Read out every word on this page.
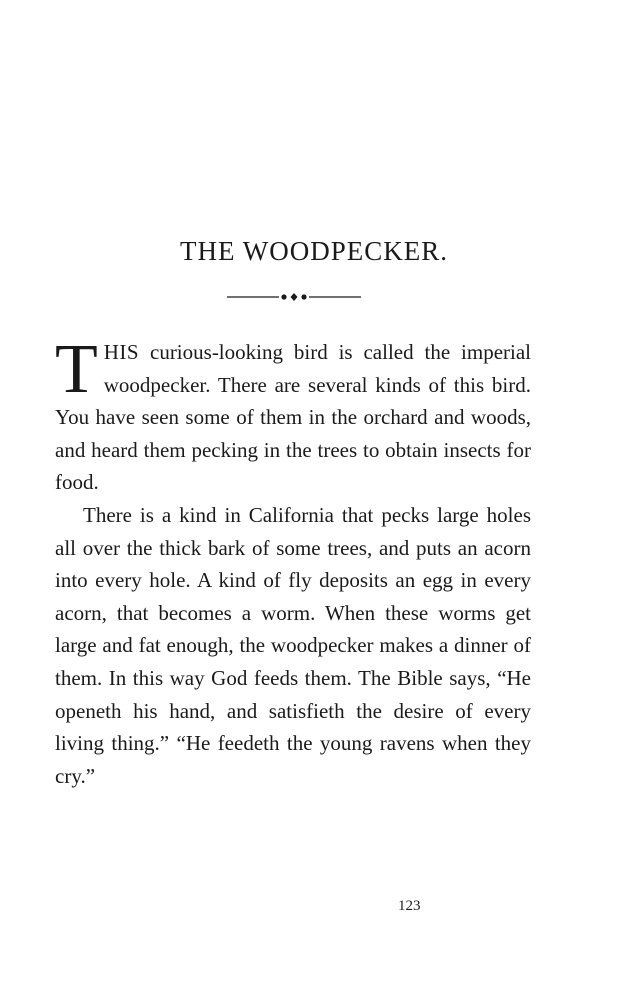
THE WOODPECKER.

THIS curious-looking bird is called the imperial woodpecker. There are several kinds of this bird. You have seen some of them in the orchard and woods, and heard them pecking in the trees to obtain insects for food.

There is a kind in California that pecks large holes all over the thick bark of some trees, and puts an acorn into every hole. A kind of fly deposits an egg in every acorn, that becomes a worm. When these worms get large and fat enough, the woodpecker makes a dinner of them. In this way God feeds them. The Bible says, “He openeth his hand, and satisfieth the desire of every living thing.” “He feedeth the young ravens when they cry.”

123
